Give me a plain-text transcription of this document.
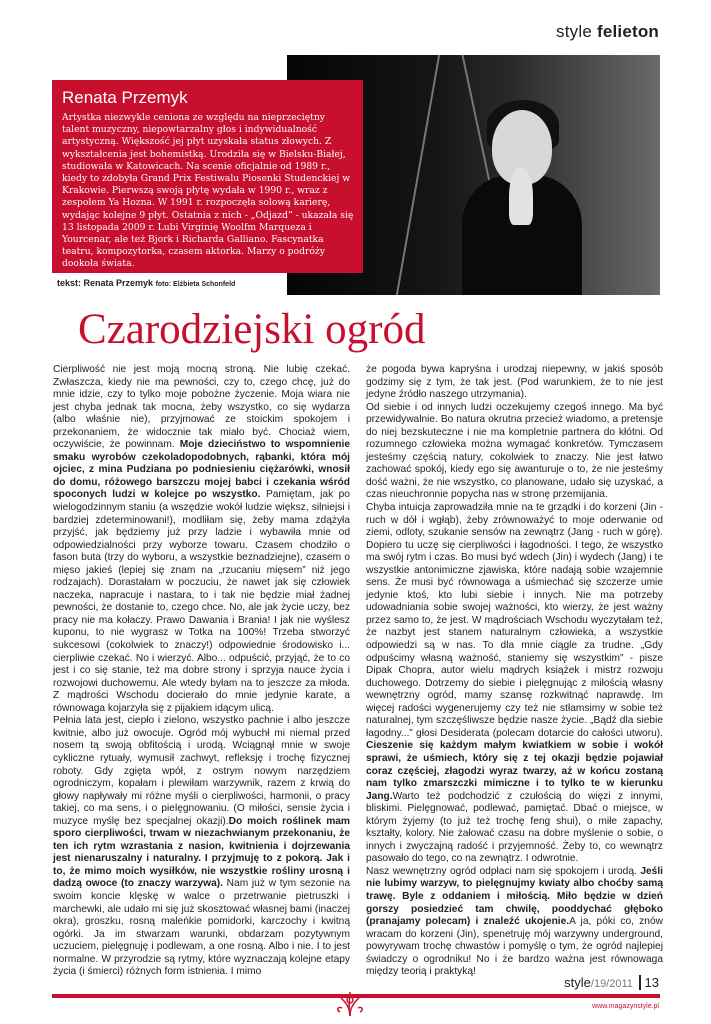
style felieton
Renata Przemyk

Artystka niezwykle ceniona ze względu na nieprzeciętny talent muzyczny, niepowtarzalny głos i indywidualność artystyczną. Większość jej płyt uzyskała status złowych. Z wykształcenia jest bohemistką. Urodziła się w Bielsku-Białej, studiowała w Katowicach. Na scenie oficjalnie od 1989 r., kiedy to zdobyła Grand Prix Festiwalu Piosenki Studenckiej w Krakowie. Pierwszą swoją płytę wydała w 1990 r., wraz z zespołem Ya Hozna. W 1991 r. rozpoczęła solową karierę, wydając kolejne 9 płyt. Ostatnia z nich - „Odjazd” - ukazała się 13 listopada 2009 r. Lubi Virginię Woolfm Marqueza i Yourcenar, ale też Bjork i Richarda Galliano. Fascynatka teatru, kompozytorka, czasem aktorka. Marzy o podróży dookoła świata.

tekst: Renata Przemyk foto: Elżbieta Schonfeld
Czarodziejski ogród

Cierpliwość nie jest moją mocną stroną. Nie lubię czekać. Zwłaszcza, kiedy nie ma pewności, czy to, czego chcę, już do mnie idzie, czy to tylko moje pobożne życzenie. Moja wiara nie jest chyba jednak tak mocna, żeby wszystko, co się wydarza (albo właśnie nie), przyjmować ze stoickim spokojem i przekonaniem, że widocznie tak miało być. Chociaż wiem, oczywiście, że powinnam. Moje dzieciństwo to wspomnienie smaku wyrobów czekoladopodobnych, rąbanki, która mój ojciec, z mina Pudziana po podniesieniu ciężarówki, wnosił do domu, różowego barszczu mojej babci i czekania wśród spoconych ludzi w kolejce po wszystko. Pamiętam, jak po wielogodzinnym staniu (a wszędzie wokół ludzie większ, silniejsi i bardziej zdeterminowani!), modliłam się, żeby mama zdążyła przyjść, jak będziemy już przy ladzie i wybawiła mnie od odpowiedzialności przy wyborze towaru. Czasem chodziło o fason buta (trzy do wyboru, a wszystkie beznadziejne), czasem o mięso jakieś (lepiej się znam na „rzucaniu mięsem” niż jego rodzajach). Dorastałam w poczuciu, że nawet jak się człowiek naczeka, napracuje i nastara, to i tak nie będzie miał żadnej pewności, że dostanie to, czego chce. No, ale jak życie uczy, bez pracy nie ma kołaczy. Prawo Dawania i Brania! I jak nie wyślesz kuponu, to nie wygrasz w Totka na 100%! Trzeba stworzyć sukcesowi (cokolwiek to znaczy!) odpowiednie środowisko i... cierpliwie czekać. No i wierzyć. Albo... odpuścić, przyjąć, że to co jest i co się stanie, też ma dobre strony i sprzyja nauce życia i rozwojowi duchowemu. Ale wtedy byłam na to jeszcze za młoda. Z mądrości Wschodu docierało do mnie jedynie karate, a równowaga kojarzyła się z pijakiem idącym ulicą.

Pełnia lata jest, ciepło i zielono, wszystko pachnie i albo jeszcze kwitnie, albo już owocuje. Ogród mój wybuchł mi niemal przed nosem tą swoją obfitością i urodą. Wciągnął mnie w swoje cykliczne rytuały, wymusił zachwyt, refleksję i trochę fizycznej roboty. Gdy zgięta wpół, z ostrym nowym narzędziem ogrodniczym, kopałam i plewiłam warzywnik, razem z krwią do głowy napływały mi różne myśli o cierpliwości, harmonii, o pracy takiej, co ma sens, i o pielęgnowaniu. (O miłości, sensie życia i muzyce myślę bez specjalnej okazji).Do moich roślinek mam sporo cierpliwości, trwam w niezachwianym przekonaniu, że ten ich rytm wzrastania z nasion, kwitnienia i dojrzewania jest nienaruszalny i naturalny. I przyjmuję to z pokorą. Jak i to, że mimo moich wysiłków, nie wszystkie rośliny urosną i dadzą owoce (to znaczy warzywa). Nam już w tym sezonie na swoim koncie klęskę w walce o przetrwanie pietruszki i marchewki, ale udało mi się już skosztować własnej bami (inaczej okra), groszku, rosną maleńkie pomidorki, karczochy i kwitną ogórki. Ja im stwarzam warunki, obdarzam pozytywnym uczuciem, pielęgnuję i podlewam, a one rosną. Albo i nie. I to jest normalne. W przyrodzie są rytmy, które wyznaczają kolejne etapy życia (i śmierci) różnych form istnienia. I mimo

że pogoda bywa kapryśna i urodzaj niepewny, w jakiś sposób godzimy się z tym, że tak jest. (Pod warunkiem, że to nie jest jedyne źródło naszego utrzymania).

Od siebie i od innych ludzi oczekujemy czegoś innego. Ma być przewidywalnie. Bo natura okrutna przecież wiadomo, a pretensje do niej bezskuteczne i nie ma kompletnie partnera do kłótni. Od rozumnego człowieka można wymagać konkretów. Tymczasem jesteśmy częścią natury, cokolwiek to znaczy. Nie jest łatwo zachować spokój, kiedy ego się awanturuje o to, że nie jesteśmy dość ważni, że nie wszystko, co planowane, udało się uzyskać, a czas nieuchronnie popycha nas w stronę przemijania.

Chyba intuicja zaprowadziła mnie na te grządki i do korzeni (Jin - ruch w dół i wgłąb), żeby zrównoważyć to moje oderwanie od ziemi, odloty, szukanie sensów na zewnątrz (Jang - ruch w górę). Dopiero tu uczę się cierpliwości i łagodności. I tego, że wszystko ma swój rytm i czas. Bo musi być wdech (Jin) i wydech (Jang) i te wszystkie antonimiczne zjawiska, które nadają sobie wzajemnie sens. Że musi być równowaga a uśmiechać się szczerze umie jedynie ktoś, kto lubi siebie i innych. Nie ma potrzeby udowadniania sobie swojej ważności, kto wierzy, że jest ważny przez samo to, że jest. W mądrościach Wschodu wyczytałam też, że nazbyt jest stanem naturalnym człowieka, a wszystkie odpowiedzi są w nas. To dla mnie ciągle za trudne. „Gdy odpuścimy własną ważność, staniemy się wszystkim” - pisze Dipak Chopra, autor wielu mądrych książek i mistrz rozwoju duchowego. Dotrzemy do siebie i pielęgnując z miłością własny wewnętrzny ogród, mamy szansę rozkwitnąć naprawdę. Im więcej radości wygenerujemy czy też nie stłamsimy w sobie też naturalnej, tym szczęśliwsze będzie nasze życie. „Bądź dla siebie łagodny...” głosi Desiderata (polecam dotarcie do całości utworu). Cieszenie się każdym małym kwiatkiem w sobie i wokół sprawi, że uśmiech, który się z tej okazji będzie pojawiał coraz częściej, złagodzi wyraz twarzy, aż w końcu zostaną nam tylko zmarszczki mimiczne i to tylko te w kierunku Jang.Warto też podchodzić z czułością do więzi z innymi, bliskimi. Pielęgnować, podlewać, pamiętać. Dbać o miejsce, w którym żyjemy (to już też trochę feng shui), o miłe zapachy, kształty, kolory. Nie żałować czasu na dobre myślenie o sobie, o innych i zwyczajną radość i przyjemność. Żeby to, co wewnątrz pasowało do tego, co na zewnątrz. I odwrotnie.

Nasz wewnętrzny ogród odpłaci nam się spokojem i urodą. Jeśli nie lubimy warzyw, to pielęgnujmy kwiaty albo choćby samą trawę. Byle z oddaniem i miłością. Miło będzie w dzień gorszy posiedzieć tam chwilę, pooddychać głęboko (pranajamy polecam) i znaleźć ukojenie.A ja, póki co, znów wracam do korzeni (Jin), spenetruję mój warzywny underground, powyrywam trochę chwastów i pomyślę o tym, że ogród najlepiej świadczy o ogrodniku! No i że bardzo ważna jest równowaga między teorią i praktyką!

style/19/2011 13
www.magazynstyle.pl
